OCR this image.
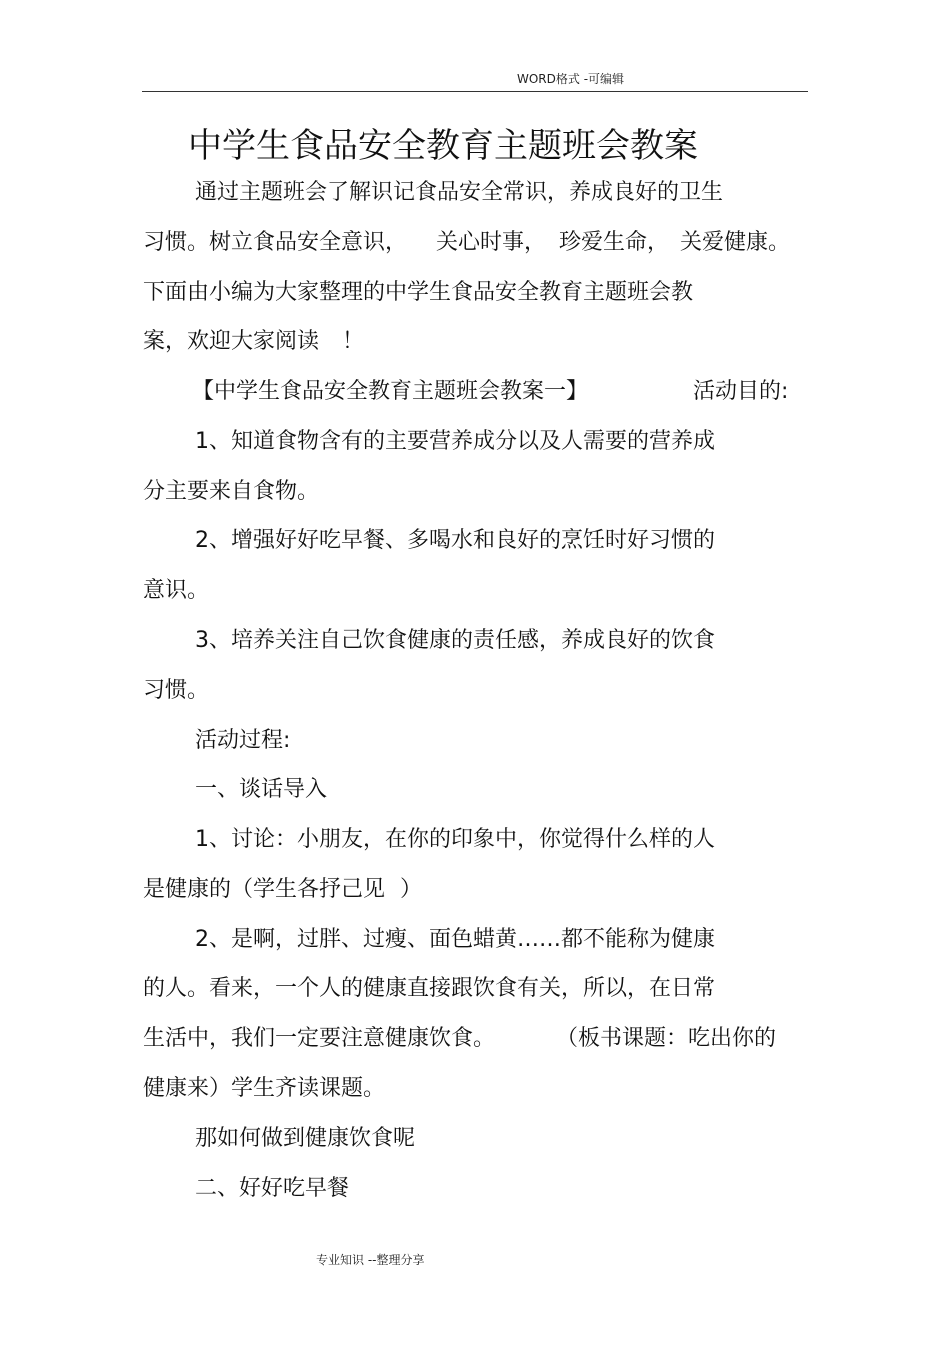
WORD格式 -可编辑
中学生食品安全教育主题班会教案
通过主题班会了解识记食品安全常识，养成良好的卫生
习惯。树立食品安全意识， 关心时事， 珍爱生命， 关爱健康。
下面由小编为大家整理的中学生食品安全教育主题班会教
案，欢迎大家阅读 ！
【中学生食品安全教育主题班会教案一】	活动目的:
1、知道食物含有的主要营养成分以及人需要的营养成
分主要来自食物。
2、增强好好吃早餐、多喝水和良好的烹饪时好习惯的
意识。
3、培养关注自己饮食健康的责任感，养成良好的饮食
习惯。
活动过程:
一、谈话导入
1、讨论：小朋友，在你的印象中，你觉得什么样的人
是健康的（学生各抒己见 ）
2、是啊，过胖、过瘦、面色蜡黄……都不能称为健康
的人。看来，一个人的健康直接跟饮食有关，所以，在日常
生活中，我们一定要注意健康饮食。	（板书课题：吃出你的
健康来）学生齐读课题。
那如何做到健康饮食呢
二、好好吃早餐
专业知识 --整理分享
